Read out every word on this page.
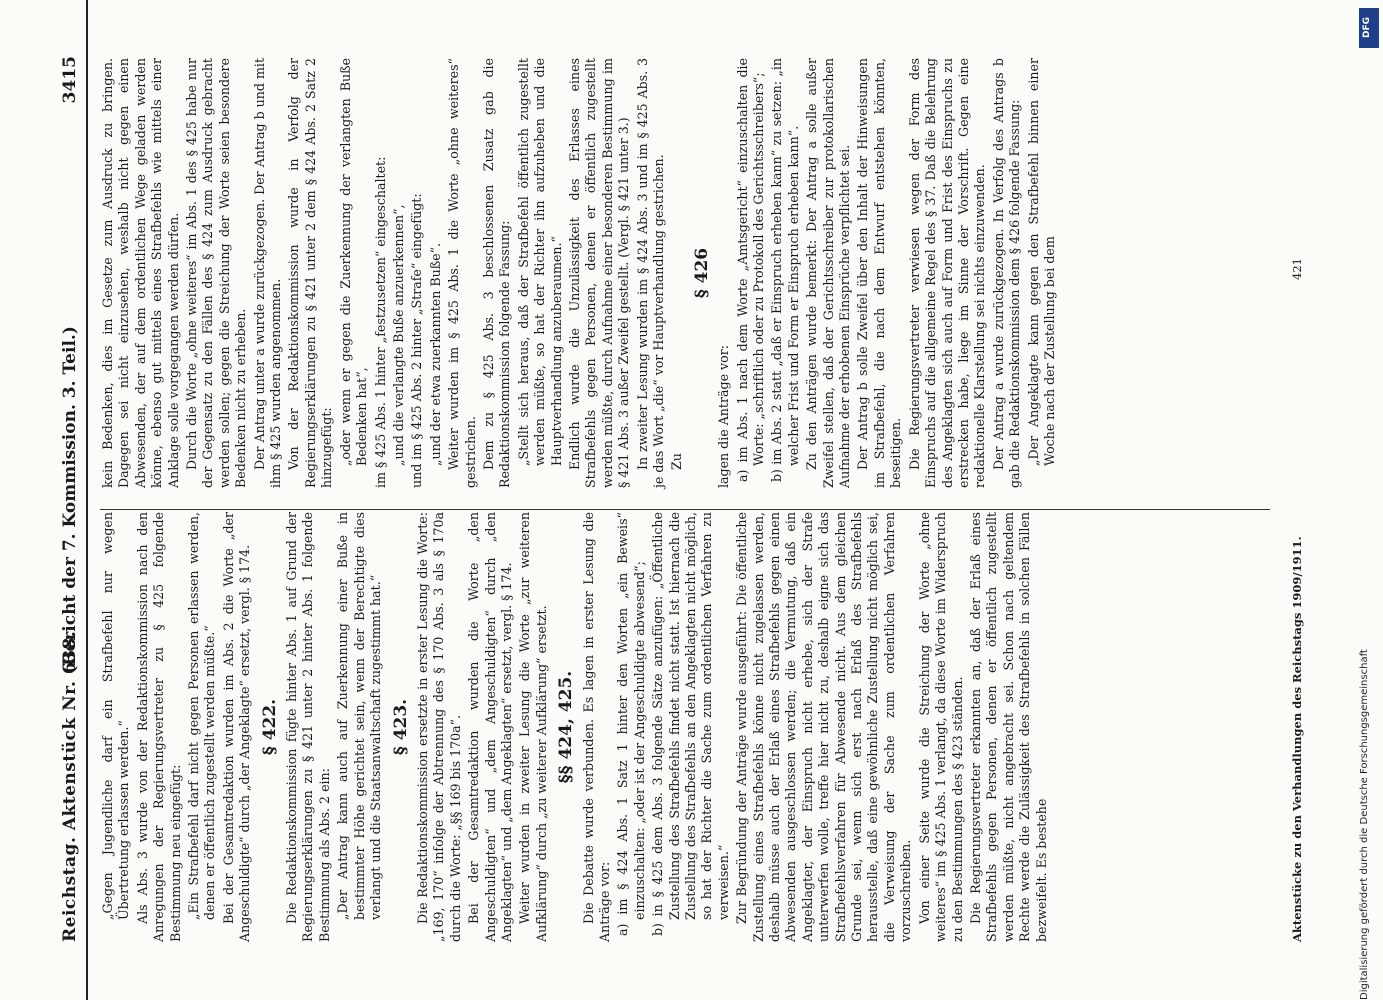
Reichstag. Aktenstück Nr. 638.
(Bericht der 7. Kommission. 3. Teil.)
3415

„Gegen Jugendliche darf ein Strafbefehl nur wegen Übertretung erlassen werden.“ Als Abs. 3 wurde von der Redaktionskommission nach den Anregungen der Regierungsvertreter zu § 425 folgende Bestimmung neu eingefügt: „Ein Strafbefehl darf nicht gegen Personen erlassen werden, denen er öffentlich zugestellt werden müßte.“ Bei der Gesamtredaktion wurden im Abs. 2 die Worte „der Angeschuldigte“ durch „der Angeklagte“ ersetzt, vergl. § 174. § 422. Die Redaktionskommission fügte hinter Abs. 1 auf Grund der Regierungserklärungen zu § 421 unter 2 hinter Abs. 1 folgende Bestimmung als Abs. 2 ein: „Der Antrag kann auch auf Zuerkennung einer Buße in bestimmter Höhe gerichtet sein, wenn der Berechtigte dies verlangt und die Staatsanwaltschaft zugestimmt hat.“ § 423. Die Redaktionskommission ersetzte in erster Lesung die Worte: „169, 170“ infolge der Abtrennung des § 170 Abs. 3 als § 170a durch die Worte: „§§ 169 bis 170a“. Bei der Gesamtredaktion wurden die Worte „den Angeschuldigten“ und „dem Angeschuldigten“ durch „den Angeklagten“ und „dem Angeklagten“ ersetzt, vergl. § 174. Weiter wurden in zweiter Lesung die Worte „zur weiteren Aufklärung“ durch „zu weiterer Aufklärung“ ersetzt. §§ 424, 425. Die Debatte wurde verbunden. Es lagen in erster Lesung die Anträge vor: a) im § 424 Abs. 1 Satz 1 hinter den Worten „ein Beweis“ einzuschalten: „oder ist der Angeschuldigte abwesend“; b) in § 425 dem Abs. 3 folgende Sätze anzufügen: „Öffentliche Zustellung des Strafbefehls findet nicht statt. Ist hiernach die Zustellung des Strafbefehls an den Angeklagten nicht möglich, so hat der Richter die Sache zum ordentlichen Verfahren zu verweisen.“ Zur Begründung der Anträge wurde ausgeführt: Die öffentliche Zustellung eines Strafbefehls könne nicht zugelassen werden, deshalb müsse auch der Erlaß eines Strafbefehls gegen einen Abwesenden ausgeschlossen werden; die Vermutung, daß ein Angeklagter, der Einspruch nicht erhebe, sich der Strafe unterwerfen wolle, treffe hier nicht zu, deshalb eigne sich das Strafbefehlsverfahren für Abwesende nicht. Aus dem gleichen Grunde sei, wenn sich erst nach Erlaß des Strafbefehls herausstelle, daß eine gewöhnliche Zustellung nicht möglich sei, die Verweisung der Sache zum ordentlichen Verfahren vorzuschreiben. Von einer Seite wurde die Streichung der Worte „ohne weiteres“ im § 425 Abs. 1 verlangt, da diese Worte im Widerspruch zu den Bestimmungen des § 423 ständen. Die Regierungsvertreter erkannten an, daß der Erlaß eines Strafbefehls gegen Personen, denen er öffentlich zugestellt werden müßte, nicht angebracht sei. Schon nach geltendem Rechte werde die Zulässigkeit des Strafbefehls in solchen Fällen bezweifelt. Es bestehe

kein Bedenken, dies im Gesetze zum Ausdruck zu bringen. Dagegen sei nicht einzusehen, weshalb nicht gegen einen Abwesenden, der auf dem ordentlichen Wege geladen werden könne, ebenso gut mittels eines Strafbefehls wie mittels einer Anklage solle vorgegangen werden dürfen. Durch die Worte „ohne weiteres“ im Abs. 1 des § 425 habe nur der Gegensatz zu den Fällen des § 424 zum Ausdruck gebracht werden sollen; gegen die Streichung der Worte seien besondere Bedenken nicht zu erheben. Der Antrag unter a wurde zurückgezogen. Der Antrag b und mit ihm § 425 wurden angenommen. Von der Redaktionskommission wurde in Verfolg der Regierungserklärungen zu § 421 unter 2 dem § 424 Abs. 2 Satz 2 hinzugefügt: „oder wenn er gegen die Zuerkennung der verlangten Buße Bedenken hat“, im § 425 Abs. 1 hinter „festzusetzen“ eingeschaltet: „und die verlangte Buße anzuerkennen“, und im § 425 Abs. 2 hinter „Strafe“ eingefügt: „und der etwa zuerkannten Buße“. Weiter wurden im § 425 Abs. 1 die Worte „ohne weiteres“ gestrichen. Dem zu § 425 Abs. 3 beschlossenen Zusatz gab die Redaktionskommission folgende Fassung: „Stellt sich heraus, daß der Strafbefehl öffentlich zugestellt werden müßte, so hat der Richter ihn aufzuheben und die Hauptverhandlung anzuberaumen.“ Endlich wurde die Unzulässigkeit des Erlasses eines Strafbefehls gegen Personen, denen er öffentlich zugestellt werden müßte, durch Aufnahme einer besonderen Bestimmung im § 421 Abs. 3 außer Zweifel gestellt. (Vergl. § 421 unter 3.) In zweiter Lesung wurden im § 424 Abs. 3 und im § 425 Abs. 3 je das Wort „die“ vor Hauptverhandlung gestrichen. Zu

§ 426

lagen die Anträge vor: a) im Abs. 1 nach dem Worte „Amtsgericht“ einzuschalten die Worte: „schriftlich oder zu Protokoll des Gerichtsschreibers“; b) im Abs. 2 statt „daß er Einspruch erheben kann“ zu setzen: „in welcher Frist und Form er Einspruch erheben kann“. Zu den Anträgen wurde bemerkt: Der Antrag a solle außer Zweifel stellen, daß der Gerichtsschreiber zur protokollarischen Aufnahme der erhobenen Einsprüche verpflichtet sei. Der Antrag b solle Zweifel über den Inhalt der Hinweisungen im Strafbefehl, die nach dem Entwurf entstehen könnten, beseitigen. Die Regierungsvertreter verwiesen wegen der Form des Einspruchs auf die allgemeine Regel des § 37. Daß die Belehrung des Angeklagten sich auch auf Form und Frist des Einspruchs zu erstrecken habe, liege im Sinne der Vorschrift. Gegen eine redaktionelle Klarstellung sei nichts einzuwenden. Der Antrag a wurde zurückgezogen. In Verfolg des Antrags b gab die Redaktionskommission dem § 426 folgende Fassung: „Der Angeklagte kann gegen den Strafbefehl binnen einer Woche nach der Zustellung bei dem

Aktenstücke zu den Verhandlungen des Reichstags 1909/1911.
421
DFG
Digitalisierung gefördert durch die Deutsche Forschungsgemeinschaft
